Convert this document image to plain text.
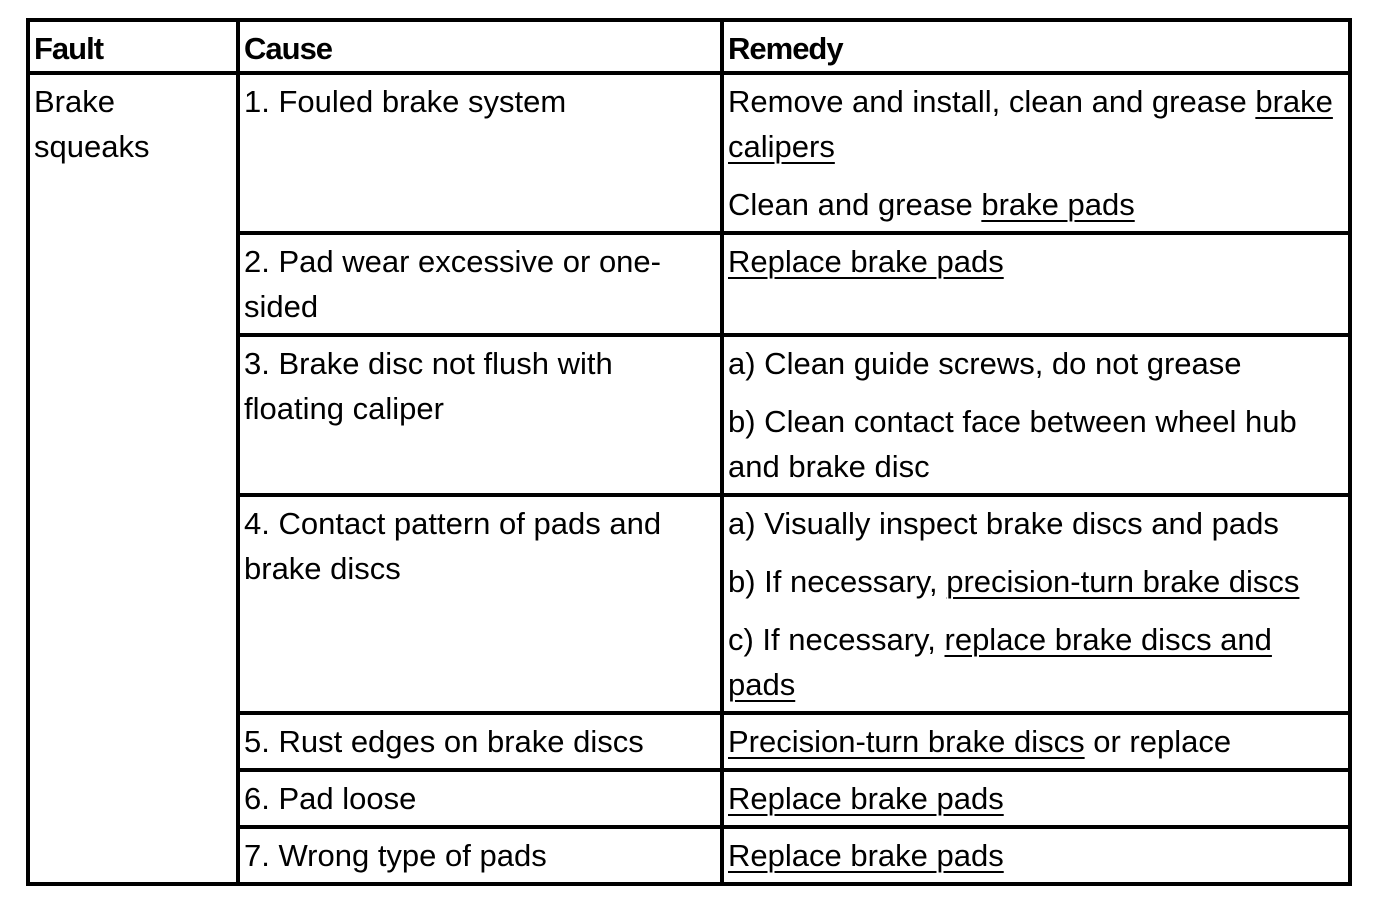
Fault	Cause	Remedy
Brake squeaks	1. Fouled brake system	Remove and install, clean and grease brake calipers

Clean and grease brake pads

	2. Pad wear excessive or one-sided	Replace brake pads

	3. Brake disc not flush with floating caliper	a) Clean guide screws, do not grease

b) Clean contact face between wheel hub and brake disc

	4. Contact pattern of pads and brake discs	a) Visually inspect brake discs and pads

b) If necessary, precision-turn brake discs

c) If necessary, replace brake discs and pads

	5. Rust edges on brake discs	Precision-turn brake discs or replace

	6. Pad loose	Replace brake pads

	7. Wrong type of pads	Replace brake pads
